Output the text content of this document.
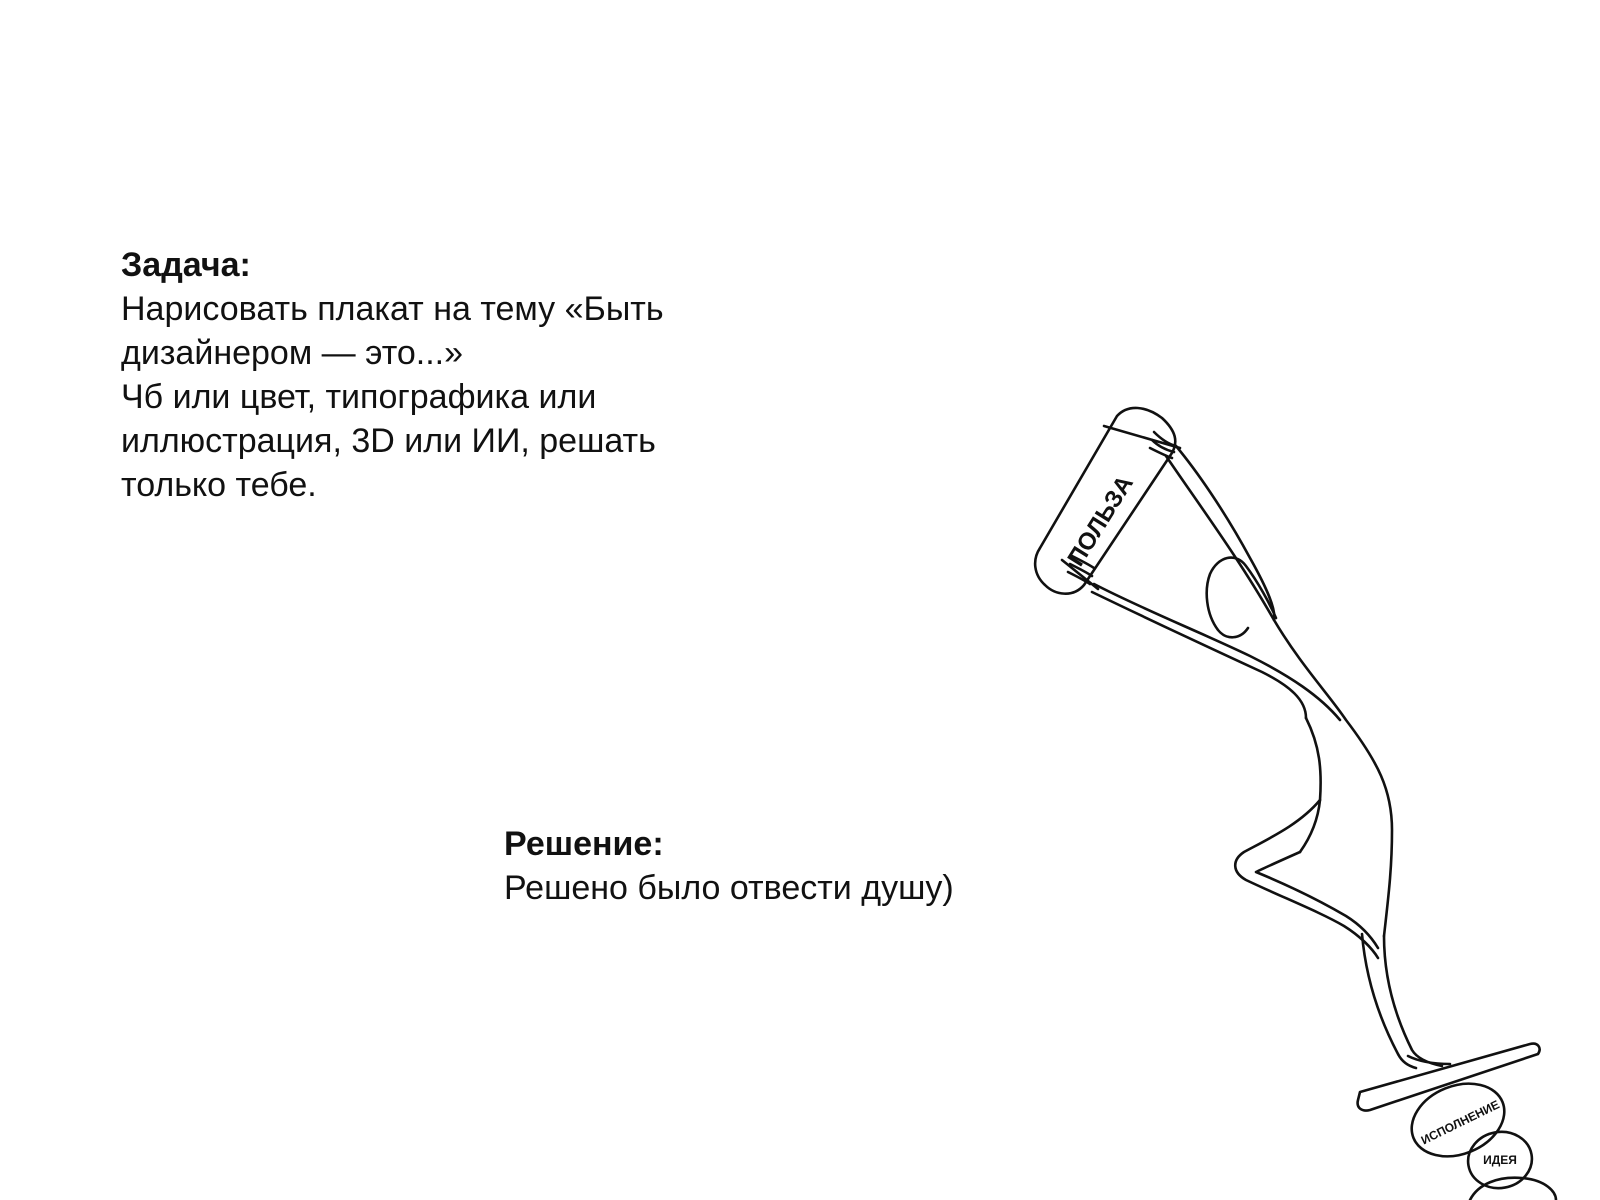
Задача:

Нарисовать плакат на тему «Быть

дизайнером — это...»

Чб или цвет, типографика или

иллюстрация, 3D или ИИ, решать

только тебе.

Решение:

Решено было отвести душу)

ПОЛЬЗА
ИСПОЛНЕНИЕ
ИДЕЯ
